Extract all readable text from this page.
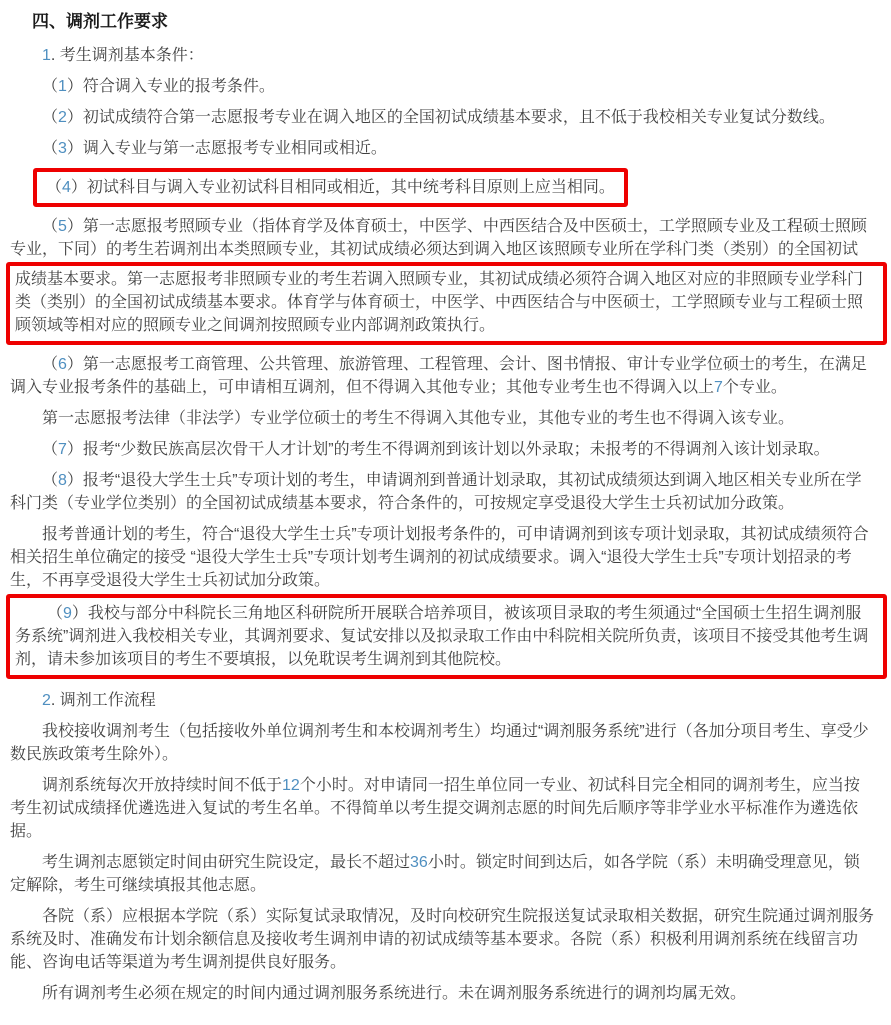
四、调剂工作要求

1. 考生调剂基本条件：

（1）符合调入专业的报考条件。

（2）初试成绩符合第一志愿报考专业在调入地区的全国初试成绩基本要求，且不低于我校相关专业复试分数线。

（3）调入专业与第一志愿报考专业相同或相近。

（4）初试科目与调入专业初试科目相同或相近，其中统考科目原则上应当相同。

（5）第一志愿报考照顾专业（指体育学及体育硕士，中医学、中西医结合及中医硕士，工学照顾专业及工程硕士照顾专业，下同）的考生若调剂出本类照顾专业，其初试成绩必须达到调入地区该照顾专业所在学科门类（类别）的全国初试

成绩基本要求。第一志愿报考非照顾专业的考生若调入照顾专业，其初试成绩必须符合调入地区对应的非照顾专业学科门类（类别）的全国初试成绩基本要求。体育学与体育硕士，中医学、中西医结合与中医硕士，工学照顾专业与工程硕士照顾领域等相对应的照顾专业之间调剂按照顾专业内部调剂政策执行。

（6）第一志愿报考工商管理、公共管理、旅游管理、工程管理、会计、图书情报、审计专业学位硕士的考生，在满足调入专业报考条件的基础上，可申请相互调剂，但不得调入其他专业；其他专业考生也不得调入以上7个专业。

第一志愿报考法律（非法学）专业学位硕士的考生不得调入其他专业，其他专业的考生也不得调入该专业。

（7）报考“少数民族高层次骨干人才计划”的考生不得调剂到该计划以外录取；未报考的不得调剂入该计划录取。

（8）报考“退役大学生士兵”专项计划的考生，申请调剂到普通计划录取，其初试成绩须达到调入地区相关专业所在学科门类（专业学位类别）的全国初试成绩基本要求，符合条件的，可按规定享受退役大学生士兵初试加分政策。

报考普通计划的考生，符合“退役大学生士兵”专项计划报考条件的，可申请调剂到该专项计划录取，其初试成绩须符合相关招生单位确定的接受 “退役大学生士兵”专项计划考生调剂的初试成绩要求。调入“退役大学生士兵”专项计划招录的考生，不再享受退役大学生士兵初试加分政策。

（9）我校与部分中科院长三角地区科研院所开展联合培养项目，被该项目录取的考生须通过“全国硕士生招生调剂服务系统”调剂进入我校相关专业，其调剂要求、复试安排以及拟录取工作由中科院相关院所负责，该项目不接受其他考生调剂，请未参加该项目的考生不要填报，以免耽误考生调剂到其他院校。

2. 调剂工作流程

我校接收调剂考生（包括接收外单位调剂考生和本校调剂考生）均通过“调剂服务系统”进行（各加分项目考生、享受少数民族政策考生除外）。

调剂系统每次开放持续时间不低于12个小时。对申请同一招生单位同一专业、初试科目完全相同的调剂考生，应当按考生初试成绩择优遴选进入复试的考生名单。不得简单以考生提交调剂志愿的时间先后顺序等非学业水平标准作为遴选依据。

考生调剂志愿锁定时间由研究生院设定，最长不超过36小时。锁定时间到达后，如各学院（系）未明确受理意见，锁定解除，考生可继续填报其他志愿。

各院（系）应根据本学院（系）实际复试录取情况，及时向校研究生院报送复试录取相关数据，研究生院通过调剂服务系统及时、准确发布计划余额信息及接收考生调剂申请的初试成绩等基本要求。各院（系）积极利用调剂系统在线留言功能、咨询电话等渠道为考生调剂提供良好服务。

所有调剂考生必须在规定的时间内通过调剂服务系统进行。未在调剂服务系统进行的调剂均属无效。
